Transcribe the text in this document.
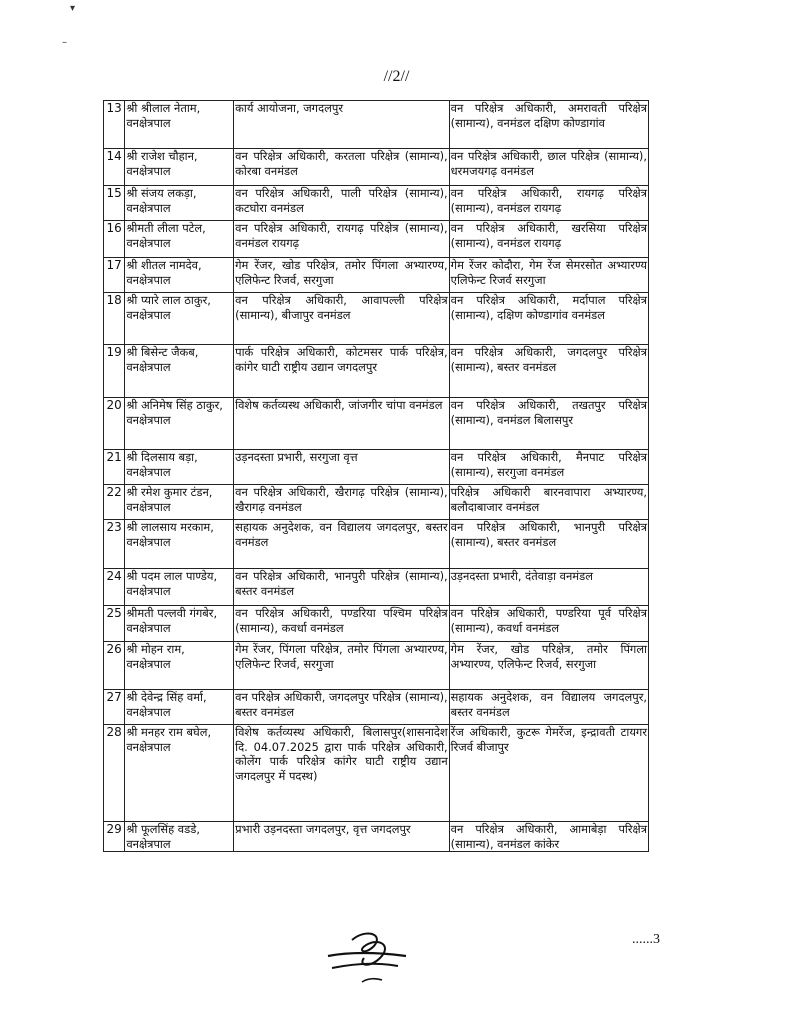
▾
–
//2//
13	श्री श्रीलाल नेताम, वनक्षेत्रपाल	कार्य आयोजना, जगदलपुर	वन परिक्षेत्र अधिकारी, अमरावती परिक्षेत्र (सामान्य), वनमंडल दक्षिण कोण्डागांव
14	श्री राजेश चौहान, वनक्षेत्रपाल	वन परिक्षेत्र अधिकारी, करतला परिक्षेत्र (सामान्य), कोरबा वनमंडल	वन परिक्षेत्र अधिकारी, छाल परिक्षेत्र (सामान्य), धरमजयगढ़ वनमंडल
15	श्री संजय लकड़ा, वनक्षेत्रपाल	वन परिक्षेत्र अधिकारी, पाली परिक्षेत्र (सामान्य), कटघोरा वनमंडल	वन परिक्षेत्र अधिकारी, रायगढ़ परिक्षेत्र (सामान्य), वनमंडल रायगढ़
16	श्रीमती लीला पटेल, वनक्षेत्रपाल	वन परिक्षेत्र अधिकारी, रायगढ़ परिक्षेत्र (सामान्य), वनमंडल रायगढ़	वन परिक्षेत्र अधिकारी, खरसिया परिक्षेत्र (सामान्य), वनमंडल रायगढ़
17	श्री शीतल नामदेव, वनक्षेत्रपाल	गेम रेंजर, खोड परिक्षेत्र, तमोर पिंगला अभ्यारण्य, एलिफेन्ट रिजर्व, सरगुजा	गेम रेंजर कोदौरा, गेम रेंज सेमरसोत अभ्यारण्य एलिफेन्ट रिजर्व सरगुजा
18	श्री प्यारे लाल ठाकुर, वनक्षेत्रपाल	वन परिक्षेत्र अधिकारी, आवापल्ली परिक्षेत्र (सामान्य), बीजापुर वनमंडल	वन परिक्षेत्र अधिकारी, मर्दापाल परिक्षेत्र (सामान्य), दक्षिण कोण्डागांव वनमंडल
19	श्री बिसेन्ट जैकब, वनक्षेत्रपाल	पार्क परिक्षेत्र अधिकारी, कोटमसर पार्क परिक्षेत्र, कांगेर घाटी राष्ट्रीय उद्यान जगदलपुर	वन परिक्षेत्र अधिकारी, जगदलपुर परिक्षेत्र (सामान्य), बस्तर वनमंडल
20	श्री अनिमेष सिंह ठाकुर, वनक्षेत्रपाल	विशेष कर्तव्यस्थ अधिकारी, जांजगीर चांपा वनमंडल	वन परिक्षेत्र अधिकारी, तखतपुर परिक्षेत्र (सामान्य), वनमंडल बिलासपुर
21	श्री दिलसाय बड़ा, वनक्षेत्रपाल	उड़नदस्ता प्रभारी, सरगुजा वृत्त	वन परिक्षेत्र अधिकारी, मैनपाट परिक्षेत्र (सामान्य), सरगुजा वनमंडल
22	श्री रमेश कुमार टंडन, वनक्षेत्रपाल	वन परिक्षेत्र अधिकारी, खैरागढ़ परिक्षेत्र (सामान्य), खैरागढ़ वनमंडल	परिक्षेत्र अधिकारी बारनवापारा अभ्यारण्य, बलौदाबाजार वनमंडल
23	श्री लालसाय मरकाम, वनक्षेत्रपाल	सहायक अनुदेशक, वन विद्यालय जगदलपुर, बस्तर वनमंडल	वन परिक्षेत्र अधिकारी, भानपुरी परिक्षेत्र (सामान्य), बस्तर वनमंडल
24	श्री पदम लाल पाण्डेय, वनक्षेत्रपाल	वन परिक्षेत्र अधिकारी, भानपुरी परिक्षेत्र (सामान्य), बस्तर वनमंडल	उड़नदस्ता प्रभारी, दंतेवाड़ा वनमंडल
25	श्रीमती पल्लवी गंगबेर, वनक्षेत्रपाल	वन परिक्षेत्र अधिकारी, पण्डरिया पश्चिम परिक्षेत्र (सामान्य), कवर्धा वनमंडल	वन परिक्षेत्र अधिकारी, पण्डरिया पूर्व परिक्षेत्र (सामान्य), कवर्धा वनमंडल
26	श्री मोहन राम, वनक्षेत्रपाल	गेम रेंजर, पिंगला परिक्षेत्र, तमोर पिंगला अभ्यारण्य, एलिफेन्ट रिजर्व, सरगुजा	गेम रेंजर, खोड परिक्षेत्र, तमोर पिंगला अभ्यारण्य, एलिफेन्ट रिजर्व, सरगुजा
27	श्री देवेन्द्र सिंह वर्मा, वनक्षेत्रपाल	वन परिक्षेत्र अधिकारी, जगदलपुर परिक्षेत्र (सामान्य), बस्तर वनमंडल	सहायक अनुदेशक, वन विद्यालय जगदलपुर, बस्तर वनमंडल
28	श्री मनहर राम बघेल, वनक्षेत्रपाल	विशेष कर्तव्यस्थ अधिकारी, बिलासपुर(शासनादेश दि. 04.07.2025 द्वारा पार्क परिक्षेत्र अधिकारी, कोलेंग पार्क परिक्षेत्र कांगेर घाटी राष्ट्रीय उद्यान जगदलपुर में पदस्थ)	रेंज अधिकारी, कुटरू गेमरेंज, इन्द्रावती टायगर रिजर्व बीजापुर
29	श्री फूलसिंह वडडे, वनक्षेत्रपाल	प्रभारी उड़नदस्ता जगदलपुर, वृत्त जगदलपुर	वन परिक्षेत्र अधिकारी, आमाबेड़ा परिक्षेत्र (सामान्य), वनमंडल कांकेर
......3
